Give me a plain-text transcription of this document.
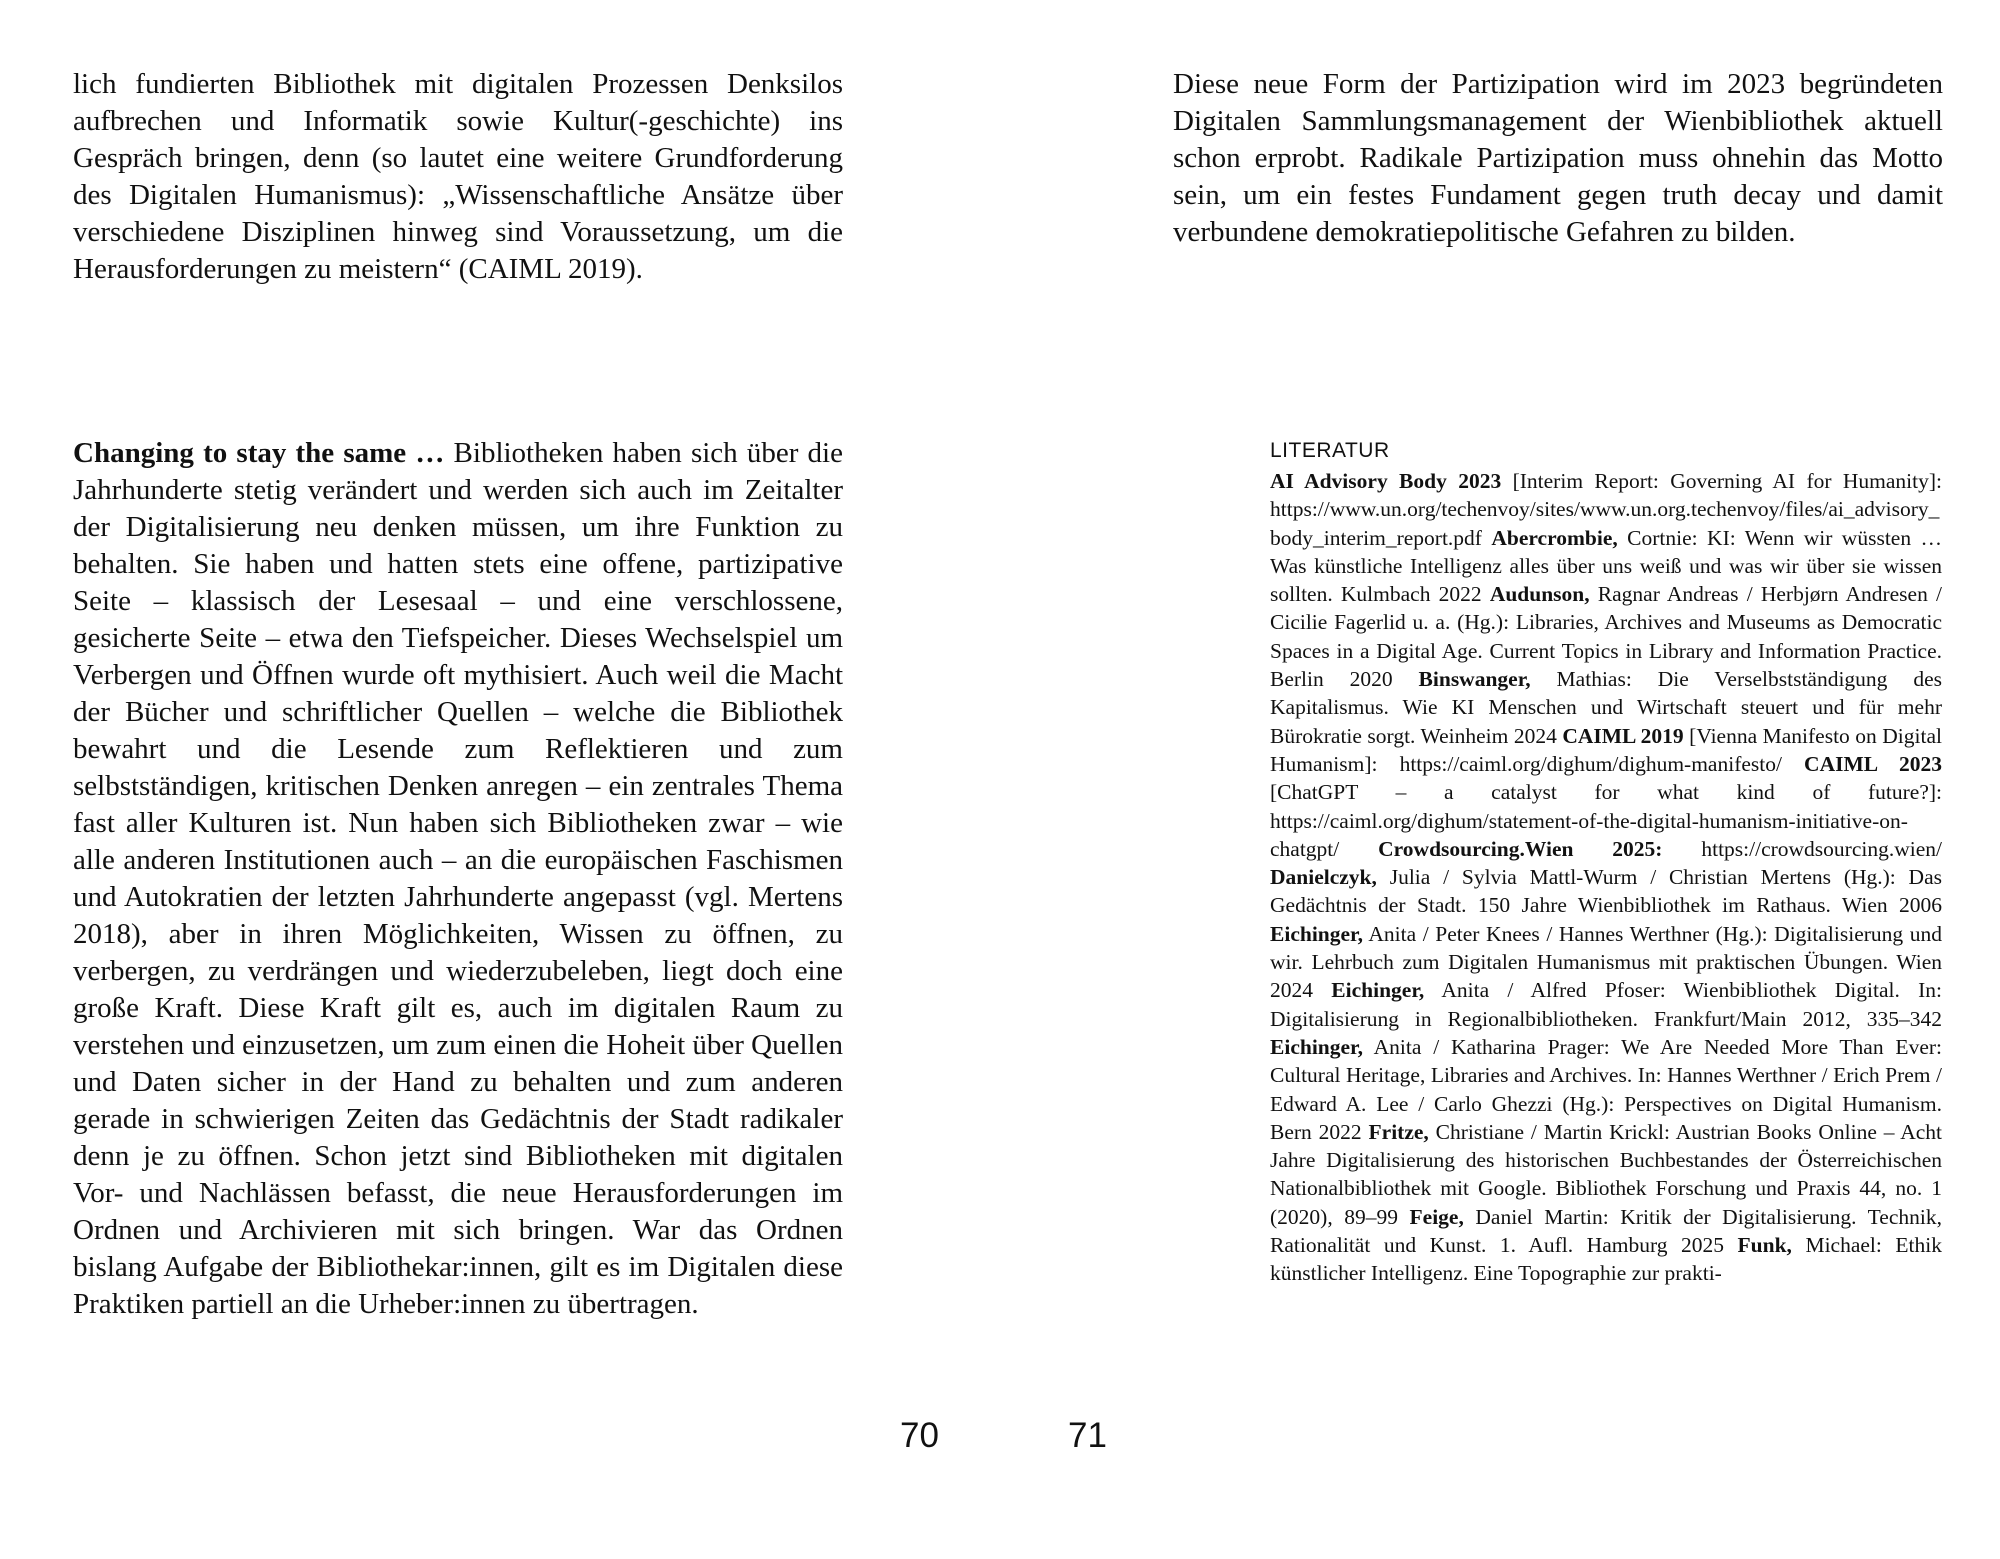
lich fundierten Bibliothek mit digitalen Prozessen Denksilos aufbrechen und Informatik sowie Kultur(-geschichte) ins Gespräch bringen, denn (so lautet eine weitere Grundforderung des Digitalen Humanismus): „Wissenschaftliche Ansätze über verschiedene Disziplinen hinweg sind Voraussetzung, um die Herausforderungen zu meistern“ (CAIML 2019).

Changing to stay the same … Bibliotheken haben sich über die Jahrhunderte stetig verändert und werden sich auch im Zeitalter der Digitalisierung neu denken müssen, um ihre Funktion zu behalten. Sie haben und hatten stets eine offene, partizipative Seite – klassisch der Lesesaal – und eine verschlossene, gesicherte Seite – etwa den Tiefspeicher. Dieses Wechselspiel um Verbergen und Öffnen wurde oft mythisiert. Auch weil die Macht der Bücher und schriftlicher Quellen – welche die Bibliothek bewahrt und die Lesende zum Reflektieren und zum selbstständigen, kritischen Denken anregen – ein zentrales Thema fast aller Kulturen ist. Nun haben sich Bibliotheken zwar – wie alle anderen Institutionen auch – an die europäischen Faschismen und Autokratien der letzten Jahrhunderte angepasst (vgl. Mertens 2018), aber in ihren Möglichkeiten, Wissen zu öffnen, zu verbergen, zu verdrängen und wiederzubeleben, liegt doch eine große Kraft. Diese Kraft gilt es, auch im digitalen Raum zu verstehen und einzusetzen, um zum einen die Hoheit über Quellen und Daten sicher in der Hand zu behalten und zum anderen gerade in schwierigen Zeiten das Gedächtnis der Stadt radikaler denn je zu öffnen. Schon jetzt sind Bibliotheken mit digitalen Vor- und Nachlässen befasst, die neue Herausforderungen im Ordnen und Archivieren mit sich bringen. War das Ordnen bislang Aufgabe der Bibliothekar:innen, gilt es im Digitalen diese Praktiken partiell an die Urheber:innen zu übertragen.

70

Diese neue Form der Partizipation wird im 2023 begründeten Digitalen Sammlungsmanagement der Wienbibliothek aktuell schon erprobt. Radikale Partizipation muss ohnehin das Motto sein, um ein festes Fundament gegen truth decay und damit verbundene demokratiepolitische Gefahren zu bilden.

LITERATUR

AI Advisory Body 2023 [Interim Report: Governing AI for Humanity]: https://www.un.org/techenvoy/sites/www.un.org.techenvoy/files/ai_advisory_body_interim_report.pdf Abercrombie, Cortnie: KI: Wenn wir wüssten … Was künstliche Intelligenz alles über uns weiß und was wir über sie wissen sollten. Kulmbach 2022 Audunson, Ragnar Andreas / Herbjørn Andresen / Cicilie Fagerlid u. a. (Hg.): Libraries, Archives and Museums as Democratic Spaces in a Digital Age. Current Topics in Library and Information Practice. Berlin 2020 Binswanger, Mathias: Die Verselbstständigung des Kapitalismus. Wie KI Menschen und Wirtschaft steuert und für mehr Bürokratie sorgt. Weinheim 2024 CAIML 2019 [Vienna Manifesto on Digital Humanism]: https://caiml.org/dighum/dighum-manifesto/ CAIML 2023 [ChatGPT – a catalyst for what kind of future?]: https://caiml.org/dighum/statement-of-the-digital-humanism-initiative-on-chatgpt/ Crowdsourcing.Wien 2025: https://crowdsourcing.wien/ Danielczyk, Julia / Sylvia Mattl-Wurm / Christian Mertens (Hg.): Das Gedächtnis der Stadt. 150 Jahre Wienbibliothek im Rathaus. Wien 2006 Eichinger, Anita / Peter Knees / Hannes Werthner (Hg.): Digitalisierung und wir. Lehrbuch zum Digitalen Humanismus mit praktischen Übungen. Wien 2024 Eichinger, Anita / Alfred Pfoser: Wienbibliothek Digital. In: Digitalisierung in Regionalbibliotheken. Frankfurt/Main 2012, 335–342 Eichinger, Anita / Katharina Prager: We Are Needed More Than Ever: Cultural Heritage, Libraries and Archives. In: Hannes Werthner / Erich Prem / Edward A. Lee / Carlo Ghezzi (Hg.): Perspectives on Digital Humanism. Bern 2022 Fritze, Christiane / Martin Krickl: Austrian Books Online – Acht Jahre Digitalisierung des historischen Buchbestandes der Österreichischen Nationalbibliothek mit Google. Bibliothek Forschung und Praxis 44, no. 1 (2020), 89–99 Feige, Daniel Martin: Kritik der Digitalisierung. Technik, Rationalität und Kunst. 1. Aufl. Hamburg 2025 Funk, Michael: Ethik künstlicher Intelligenz. Eine Topographie zur prakti-

71
